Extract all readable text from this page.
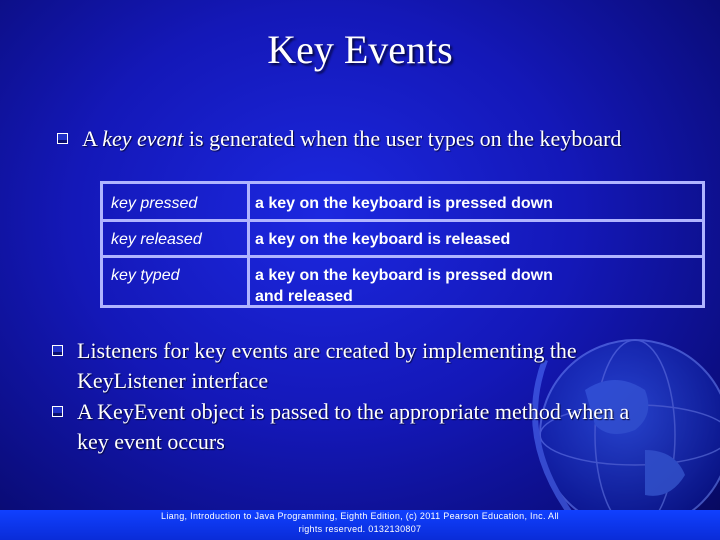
Key Events
A key event is generated when the user types on the keyboard
key pressed	a key on the keyboard is pressed down
key released	a key on the keyboard is released
key typed	a key on the keyboard is pressed down
and released
Listeners for key events are created by implementing the
KeyListener interface
A KeyEvent object is passed to the appropriate method when a
key event occurs
Liang, Introduction to Java Programming, Eighth Edition, (c) 2011 Pearson Education, Inc. All
rights reserved. 0132130807
